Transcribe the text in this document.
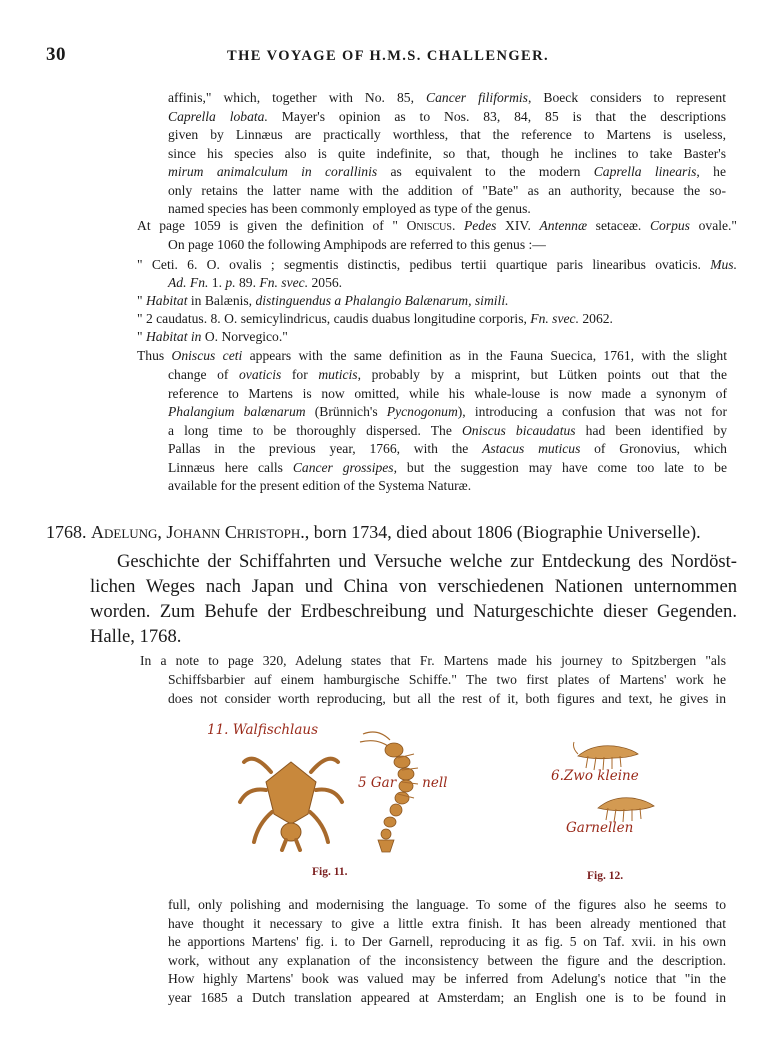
30	THE VOYAGE OF H.M.S. CHALLENGER.

affinis," which, together with No. 85, Cancer filiformis, Boeck considers to represent

Caprella lobata. Mayer's opinion as to Nos. 83, 84, 85 is that the descriptions

given by Linnæus are practically worthless, that the reference to Martens is useless,

since his species also is quite indefinite, so that, though he inclines to take Baster's

mirum animalculum in corallinis as equivalent to the modern Caprella linearis, he

only retains the latter name with the addition of "Bate" as an authority, because the so-

named species has been commonly employed as type of the genus.

At page 1059 is given the definition of " Oniscus. Pedes XIV. Antennæ setaceæ. Corpus ovale."

On page 1060 the following Amphipods are referred to this genus :—

" Ceti. 6. O. ovalis ; segmentis distinctis, pedibus tertii quartique paris linearibus ovaticis. Mus.

Ad. Fn. 1. p. 89. Fn. svec. 2056.

" Habitat in Balænis, distinguendus a Phalangio Balænarum, simili.

" 2 caudatus. 8. O. semicylindricus, caudis duabus longitudine corporis, Fn. svec. 2062.

" Habitat in O. Norvegico."

Thus Oniscus ceti appears with the same definition as in the Fauna Suecica, 1761, with the slight

change of ovaticis for muticis, probably by a misprint, but Lütken points out that the

reference to Martens is now omitted, while his whale-louse is now made a synonym of

Phalangium balænarum (Brünnich's Pycnogonum), introducing a confusion that was not for

a long time to be thoroughly dispersed. The Oniscus bicaudatus had been identified by

Pallas in the previous year, 1766, with the Astacus muticus of Gronovius, which

Linnæus here calls Cancer grossipes, but the suggestion may have come too late to be

available for the present edition of the Systema Naturæ.

1768. Adelung, Johann Christoph., born 1734, died about 1806 (Biographie Universelle).

Geschichte der Schiffahrten und Versuche welche zur Entdeckung des Nordöst-

lichen Weges nach Japan und China von verschiedenen Nationen unternommen

worden. Zum Behufe der Erdbeschreibung und Naturgeschichte dieser Gegenden.

Halle, 1768.

In a note to page 320, Adelung states that Fr. Martens made his journey to Spitzbergen "als

Schiffsbarbier auf einem hamburgische Schiffe." The two first plates of Martens' work he

does not consider worth reproducing, but all the rest of it, both figures and text, he gives in

11. Walfischlaus
5 Gar nell	6.Zwo kleine
Garnellen
Fig. 11.	Fig. 12.

full, only polishing and modernising the language. To some of the figures also he seems to

have thought it necessary to give a little extra finish. It has been already mentioned that

he apportions Martens' fig. i. to Der Garnell, reproducing it as fig. 5 on Taf. xvii. in his own

work, without any explanation of the inconsistency between the figure and the description.

How highly Martens' book was valued may be inferred from Adelung's notice that "in the

year 1685 a Dutch translation appeared at Amsterdam; an English one is to be found in
